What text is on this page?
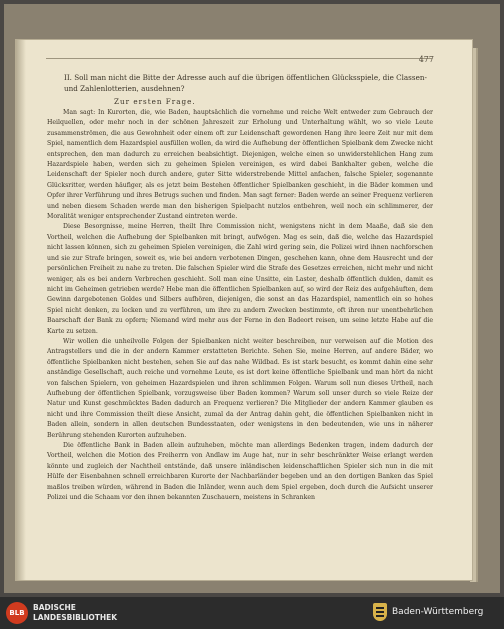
477
II. Soll man nicht die Bitte der Adresse auch auf die übrigen öffentlichen Glücksspiele, die Classen- und Zahlenlotterien, ausdehnen?
Zur ersten Frage.

Man sagt: In Kurorten, die, wie Baden, hauptsächlich die vornehme und reiche Welt entweder zum Gebrauch der Heilquellen, oder mehr noch in der schönen Jahreszeit zur Erholung und Unterhaltung wählt, wo so viele Leute zusammenströmen, die aus Gewohnheit oder einem oft zur Leidenschaft gewordenen Hang ihre leere Zeit nur mit dem Spiel, namentlich dem Hazardspiel ausfüllen wollen, da wird die Aufhebung der öffentlichen Spielbank dem Zwecke nicht entsprechen, den man dadurch zu erreichen beabsichtigt. Diejenigen, welche einen so unwiderstehlichen Hang zum Hazardspiele haben, werden sich zu geheimen Spielen vereinigen, es wird dabei Bankhalter geben, welche die Leidenschaft der Spieler noch durch andere, guter Sitte widerstrebende Mittel anfachen, falsche Spieler, sogenannte Glücksritter, werden häufiger, als es jetzt beim Bestehen öffentlicher Spielbanken geschieht, in die Bäder kommen und Opfer ihrer Verführung und ihres Betrugs suchen und finden. Man sagt ferner: Baden werde an seiner Frequenz verlieren und neben diesem Schaden werde man den bisherigen Spielpacht nutzlos entbehren, weil noch ein schlimmerer, der Moralität weniger entsprechender Zustand eintreten werde.

Diese Besorgnisse, meine Herren, theilt Ihre Commission nicht, wenigstens nicht in dem Maaße, daß sie den Vortheil, welchen die Aufhebung der Spielbanken mit bringt, aufwögen. Mag es sein, daß die, welche das Hazardspiel nicht lassen können, sich zu geheimen Spielen vereinigen, die Zahl wird gering sein, die Polizei wird ihnen nachforschen und sie zur Strafe bringen, soweit es, wie bei andern verbotenen Dingen, geschehen kann, ohne dem Hausrecht und der persönlichen Freiheit zu nahe zu treten. Die falschen Spieler wird die Strafe des Gesetzes erreichen, nicht mehr und nicht weniger, als es bei andern Verbrechen geschieht. Soll man eine Unsitte, ein Laster, deshalb öffentlich dulden, damit es nicht im Geheimen getrieben werde? Hebe man die öffentlichen Spielbanken auf, so wird der Reiz des aufgehäuften, dem Gewinn dargebotenen Goldes und Silbers aufhören, diejenigen, die sonst an das Hazardspiel, namentlich ein so hohes Spiel nicht denken, zu locken und zu verführen, um ihre zu andern Zwecken bestimmte, oft ihren nur unentbehrlichen Baarschaft der Bank zu opfern; Niemand wird mehr aus der Ferne in den Badeort reisen, um seine letzte Habe auf die Karte zu setzen.

Wir wollen die unheilvolle Folgen der Spielbanken nicht weiter beschreiben, nur verweisen auf die Motion des Antragstellers und die in der andern Kammer erstatteten Berichte. Sehen Sie, meine Herren, auf andere Bäder, wo öffentliche Spielbanken nicht bestehen, sehen Sie auf das nahe Wildbad. Es ist stark besucht, es kommt dahin eine sehr anständige Gesellschaft, auch reiche und vornehme Leute, es ist dort keine öffentliche Spielbank und man hört da nicht von falschen Spielern, von geheimen Hazardspielen und ihren schlimmen Folgen. Warum soll nun dieses Urtheil, nach Aufhebung der öffentlichen Spielbank, vorzugsweise über Baden kommen? Warum soll unser durch so viele Reize der Natur und Kunst geschmücktes Baden dadurch an Frequenz verlieren? Die Mitglieder der andern Kammer glauben es nicht und ihre Commission theilt diese Ansicht, zumal da der Antrag dahin geht, die öffentlichen Spielbanken nicht in Baden allein, sondern in allen deutschen Bundesstaaten, oder wenigstens in den bedeutenden, wie uns in näherer Berührung stehenden Kurorten aufzuheben.

Die öffentliche Bank in Baden allein aufzuheben, möchte man allerdings Bedenken tragen, indem dadurch der Vortheil, welchen die Motion des Freiherrn von Andlaw im Auge hat, nur in sehr beschränkter Weise erlangt werden könnte und zugleich der Nachtheil entstände, daß unsere inländischen leidenschaftlichen Spieler sich nun in die mit Hülfe der Eisenbahnen schnell erreichbaren Kurorte der Nachbarländer begeben und an den dortigen Banken das Spiel maßlos treiben würden, während in Baden die Inländer, wenn auch dem Spiel ergeben, doch durch die Aufsicht unserer Polizei und die Schaam vor den ihnen bekannten Zuschauern, meistens in Schranken

BLB
BADISCHE
LANDESBIBLIOTHEK
Baden-Württemberg
